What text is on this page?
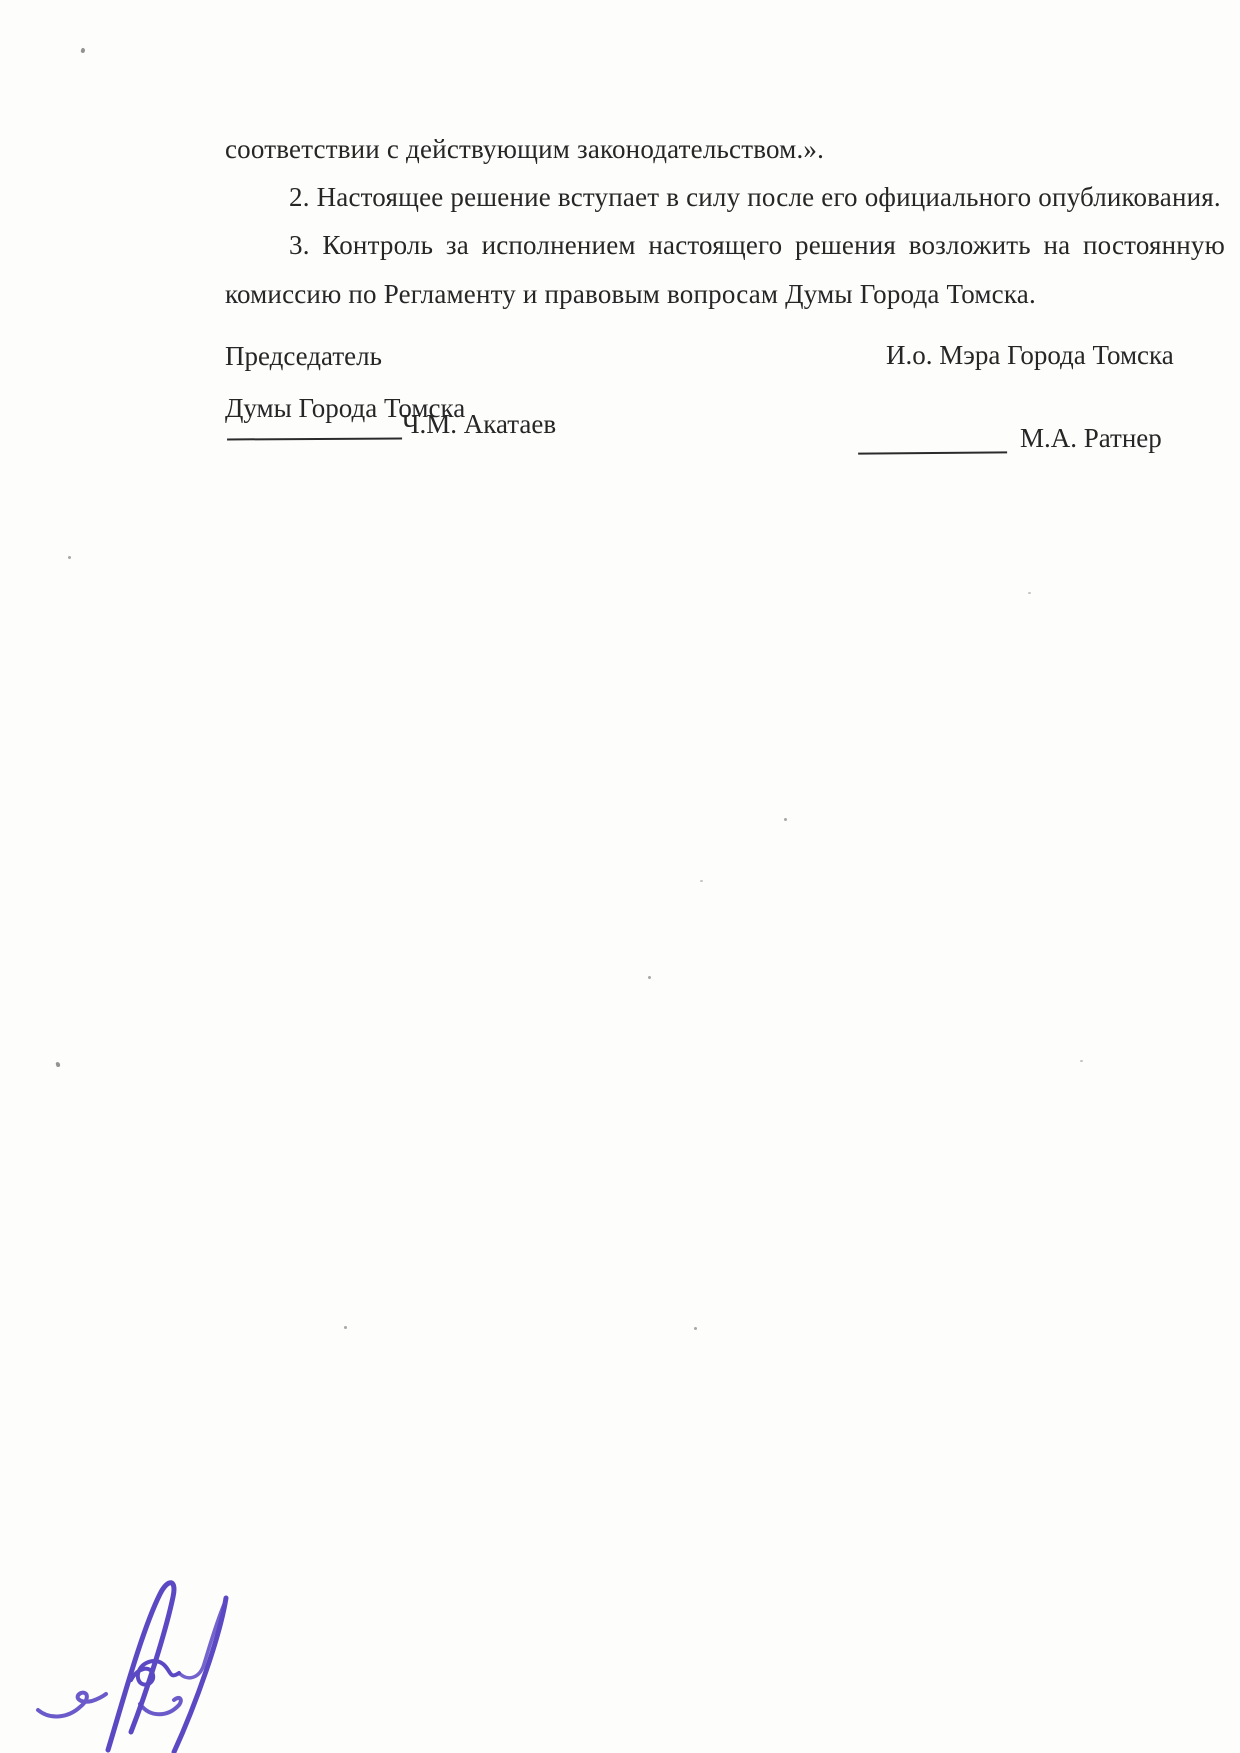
соответствии с действующим законодательством.».

2. Настоящее решение вступает в силу после его официального опубликования.

3. Контроль за исполнением настоящего решения возложить на постоянную комиссию по Регламенту и правовым вопросам Думы Города Томска.

Председатель
Думы Города Томска
Ч.М. Акатаев
И.о. Мэра Города Томска
М.А. Ратнер
